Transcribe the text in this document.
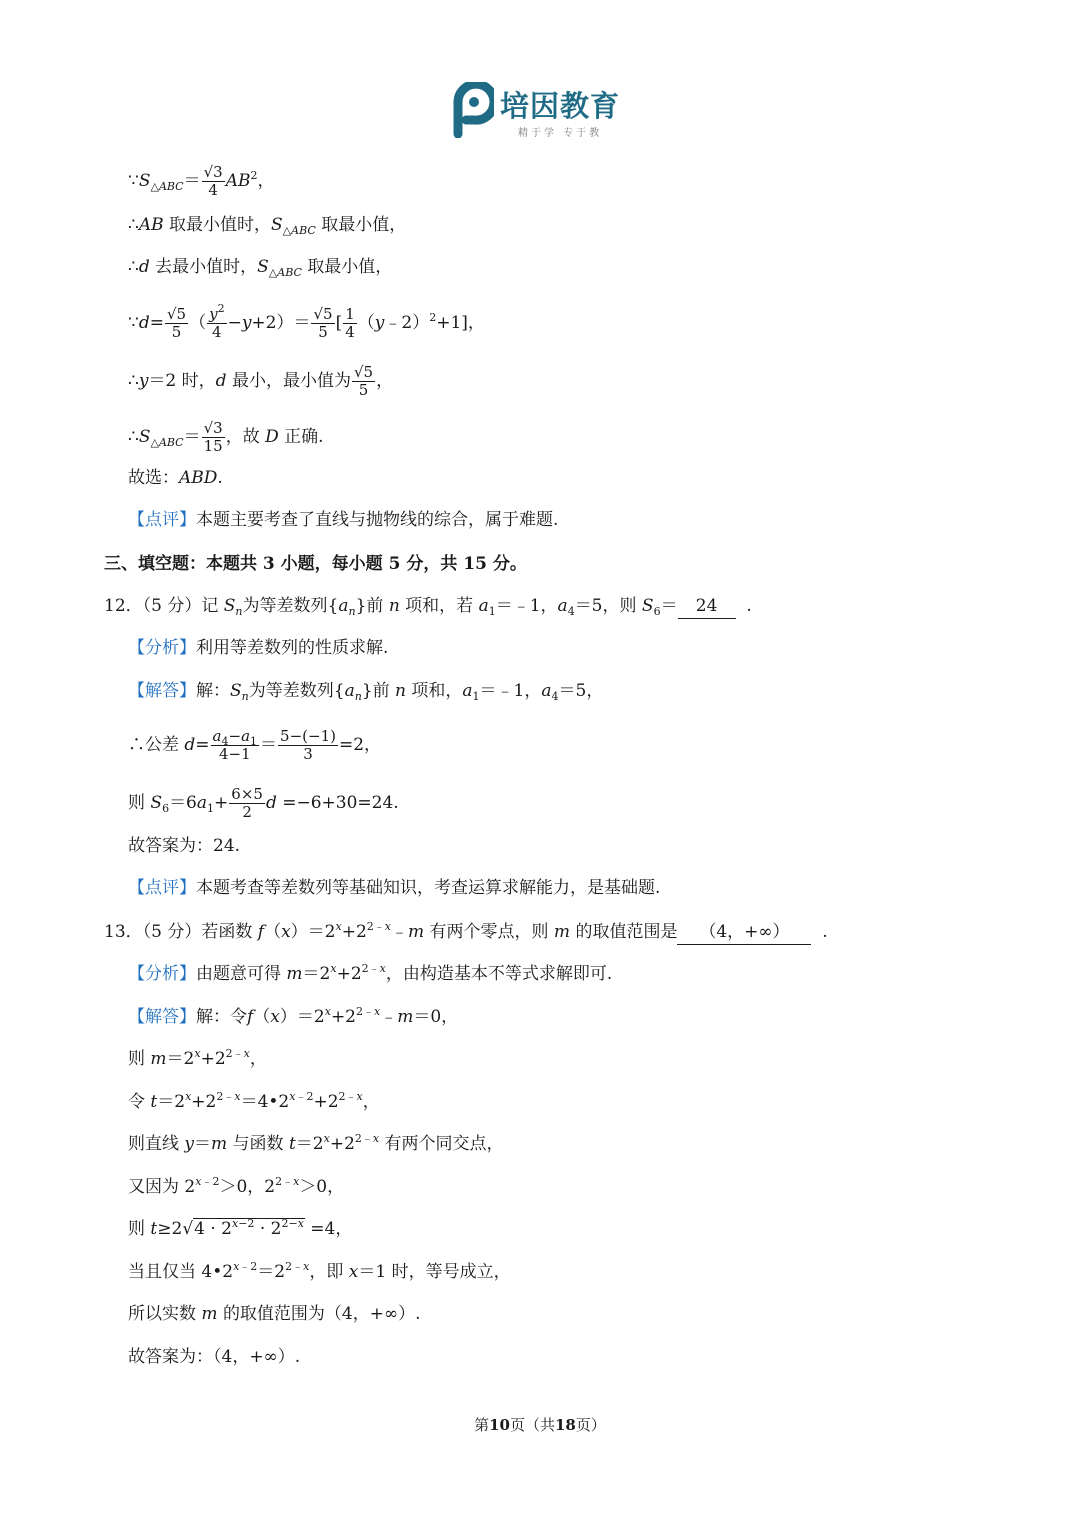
培因教育
精于学 专于教
$\because S_{\triangle ABC}= \frac{√3}{4} AB^2$，
∴AB 取最小值时，$S_{\triangle ABC}$ 取最小值，
∴d 去最小值时，$S_{\triangle ABC}$ 取最小值，
∵d= $\frac{√5}{5}$ （ $\frac{y^2}{4} -y+2)= \frac{√5}{5}$ [ $\frac{1}{4}$ （y﹣2）$^2$+1]，
∴y＝2 时，d 最小，最小值为 $\frac{√5}{5}$ ，
$\therefore S_{\triangle ABC}= \frac{√3}{15}$ ，故 D 正确.
故选：ABD.
【点评】本题主要考查了直线与抛物线的综合，属于难题.
三、填空题：本题共 3 小题，每小题 5 分，共 15 分。
12．（5 分）记 $S_n$为等差数列$\{a_n\}$前 n 项和，若 $a_1=﹣1$，$a_4=5$，则 $S_6= 24$  .
【分析】利用等差数列的性质求解.
【解答】解：$S_n$为等差数列$\{a_n\}$前 n 项和，$a_1=﹣1$，$a_4=5$，
∴公差 $d= \frac{a_4-a_1}{4-1} = \frac{5-(-1)}{3} =2$，
则 $S_6=6a_1+ \frac{6\times 5}{2}$ d =−6+30=24.
故答案为：24.
【点评】本题考查等差数列等基础知识，考查运算求解能力，是基础题.
13．（5 分）若函数 $f(x)=2^x+2^{2﹣x}﹣m$ 有两个零点，则 m 的取值范围是 （4，+∞）  .
【分析】由题意可得 $m=2^x+2^{2﹣x}$，由构造基本不等式求解即可.
【解答】解：令$f(x)=2^x+2^{2﹣x}﹣m=0$，
则 $m=2^x+2^{2﹣x}$，
令 $t=2^x+2^{2﹣x}=4•2^{x﹣2}+2^{2﹣x}$，
则直线 y＝m 与函数 $t=2^x+2^{2﹣x}$ 有两个同交点，
又因为 $2^{x﹣2}>0$，$2^{2﹣x}>0$，
则 $t\ge 2√4 \cdot 2^{x-2} \cdot 2^{2-x} =4$，
当且仅当 $4•2^{x﹣2}=2^{2﹣x}$，即 x＝1 时，等号成立，
所以实数 m 的取值范围为（4，+∞）.
故答案为：（4，+∞）.
第10页（共18页）
